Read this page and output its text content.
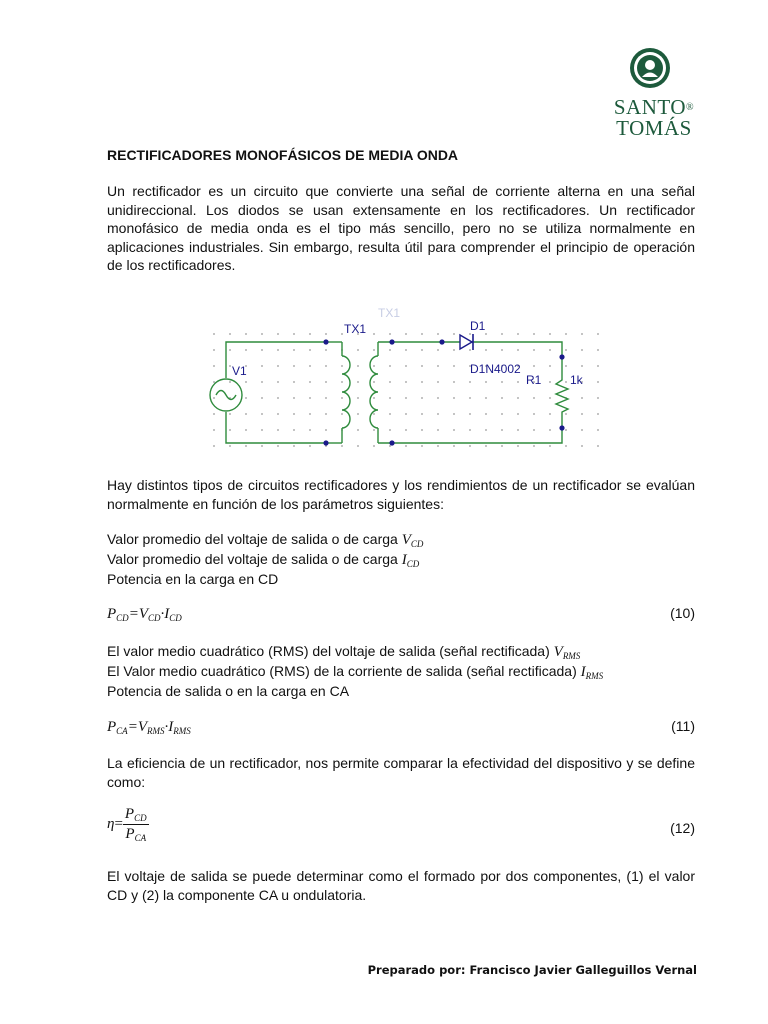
SANTO®
TOMÁS
RECTIFICADORES MONOFÁSICOS DE MEDIA ONDA

Un rectificador es un circuito que convierte una señal de corriente alterna en una señal unidireccional. Los diodos se usan extensamente en los rectificadores. Un rectificador monofásico de media onda es el tipo más sencillo, pero no se utiliza normalmente en aplicaciones industriales. Sin embargo, resulta útil para comprender el principio de operación de los rectificadores.

TX1
TX1
D1
D1N4002
V1
R1 1k

Hay distintos tipos de circuitos rectificadores y los rendimientos de un rectificador se evalúan normalmente en función de los parámetros siguientes:

Valor promedio del voltaje de salida o de carga $V_{CD}$
Valor promedio del voltaje de salida o de carga $I_{CD}$
Potencia en la carga en CD
$P_{CD}=V_{CD}\cdot I_{CD}$	(10)
El valor medio cuadrático (RMS) del voltaje de salida (señal rectificada) $V_{RMS}$
El Valor medio cuadrático (RMS) de la corriente de salida (señal rectificada) $I_{RMS}$
Potencia de salida o en la carga en CA
$P_{CA}=V_{RMS}\cdot I_{RMS}$	(11)

La eficiencia de un rectificador, nos permite comparar la efectividad del dispositivo y se define como:

$\eta= \frac{P_{CD}}{P_{CA}}$	(12)

El voltaje de salida se puede determinar como el formado por dos componentes, (1) el valor CD y (2) la componente CA u ondulatoria.

Preparado por: Francisco Javier Galleguillos Vernal
